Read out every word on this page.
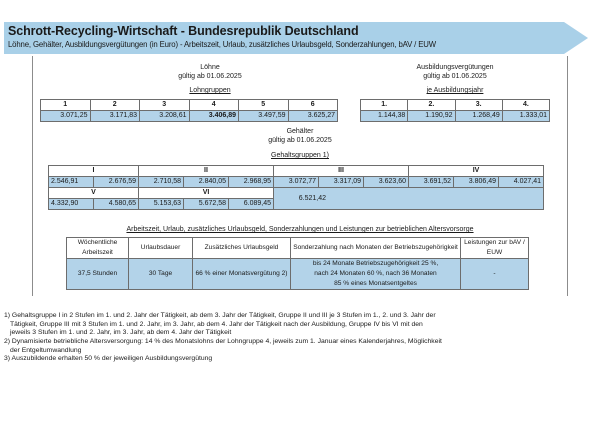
Schrott-Recycling-Wirtschaft - Bundesrepublik Deutschland
Löhne, Gehälter, Ausbildungsvergütungen (in Euro) - Arbeitszeit, Urlaub, zusätzliches Urlaubsgeld, Sonderzahlungen, bAV / EUW
Löhne
gültig ab 01.06.2025
Lohngruppen
1	2	3	4	5	6
3.071,25	3.171,83	3.208,61	3.406,89	3.497,59	3.625,27
Ausbildungsvergütungen
gültig ab 01.06.2025
je Ausbildungsjahr
1.	2.	3.	4.
1.144,38	1.190,92	1.268,49	1.333,01
Gehälter
gültig ab 01.06.2025
Gehaltsgruppen 1)
I		II			III			IV		
2.546,91	2.676,59	2.710,58	2.840,05	2.968,95	3.072,77	3.317,09	3.623,60	3.691,52	3.806,49	4.027,41
V		VI								
4.332,90	4.580,65	5.153,63	5.672,58	6.089,45						
6.521,42
Arbeitszeit, Urlaub, zusätzliches Urlaubsgeld, Sonderzahlungen und Leistungen zur betrieblichen Altersvorsorge
Wöchentliche Arbeitszeit	Urlaubsdauer	Zusätzliches Urlaubsgeld	Sonderzahlung nach Monaten der Betriebszugehörigkeit	Leistungen zur bAV / EUW
37,5 Stunden	30 Tage	66 % einer Monatsvergütung 2)	bis 24 Monate Betriebszugehörigkeit 25 %,
nach 24 Monaten 60 %, nach 36 Monaten
85 % eines Monatsentgeltes	-
1) Gehaltsgruppe I in 2 Stufen im 1. und 2. Jahr der Tätigkeit, ab dem 3. Jahr der Tätigkeit, Gruppe II und III je 3 Stufen im 1., 2. und 3. Jahr der
Tätigkeit, Gruppe III mit 3 Stufen im 1. und 2. Jahr, im 3. Jahr, ab dem 4. Jahr der Tätigkeit nach der Ausbildung, Gruppe IV bis VI mit den
jeweils 3 Stufen im 1. und 2. Jahr, im 3. Jahr, ab dem 4. Jahr der Tätigkeit
2) Dynamisierte betriebliche Altersversorgung: 14 % des Monatslohns der Lohngruppe 4, jeweils zum 1. Januar eines Kalenderjahres, Möglichkeit
der Entgeltumwandlung
3) Auszubildende erhalten 50 % der jeweiligen Ausbildungsvergütung
